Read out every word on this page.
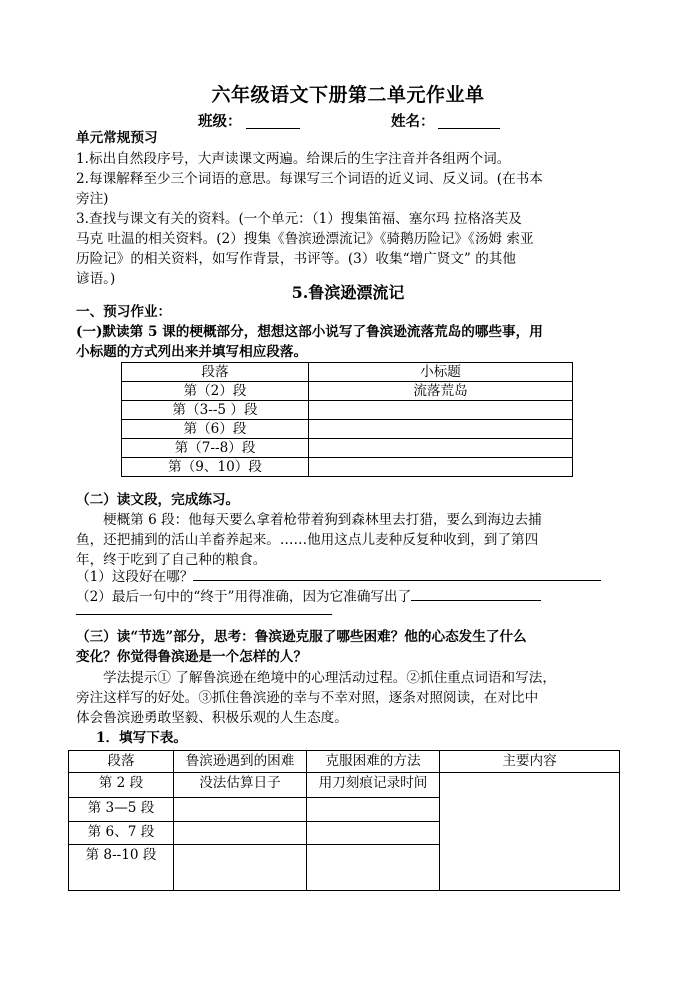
六年级语文下册第二单元作业单
班级：	姓名：
单元常规预习
1.标出自然段序号，大声读课文两遍。给课后的生字注音并各组两个词。
2.每课解释至少三个词语的意思。每课写三个词语的近义词、反义词。(在书本
旁注)
3.查找与课文有关的资料。(一个单元：（1）搜集笛福、塞尔玛 拉格洛芙及
马克 吐温的相关资料。(2）搜集《鲁滨逊漂流记》《骑鹅历险记》《汤姆 索亚
历险记》的相关资料，如写作背景，书评等。(3）收集“增广贤文” 的其他
谚语。)
5.鲁滨逊漂流记
一、预习作业：
(一)默读第 5 课的梗概部分，想想这部小说写了鲁滨逊流落荒岛的哪些事，用
小标题的方式列出来并填写相应段落。
段落	小标题
第（2）段	流落荒岛
第（3--5 ）段	
第（6）段	
第（7--8）段	
第（9、10）段	
（二）读文段，完成练习。
梗概第 6 段：他每天要么拿着枪带着狗到森林里去打猎，要么到海边去捕
鱼，还把捕到的活山羊畜养起来。……他用这点儿麦种反复种收到，到了第四
年，终于吃到了自己种的粮食。
（1）这段好在哪？
（2）最后一句中的“终于”用得准确，因为它准确写出了
（三）读“节选”部分，思考：鲁滨逊克服了哪些困难？他的心态发生了什么
变化？你觉得鲁滨逊是一个怎样的人？
学法提示① 了解鲁滨逊在绝境中的心理活动过程。②抓住重点词语和写法，
旁注这样写的好处。③抓住鲁滨逊的幸与不幸对照，逐条对照阅读，在对比中
体会鲁滨逊勇敢坚毅、积极乐观的人生态度。
1．填写下表。
段落	鲁滨逊遇到的困难	克服困难的方法	主要内容
第 2 段	没法估算日子	用刀刻痕记录时间	
第 3—5 段			
第 6、7 段			
第 8--10 段			
